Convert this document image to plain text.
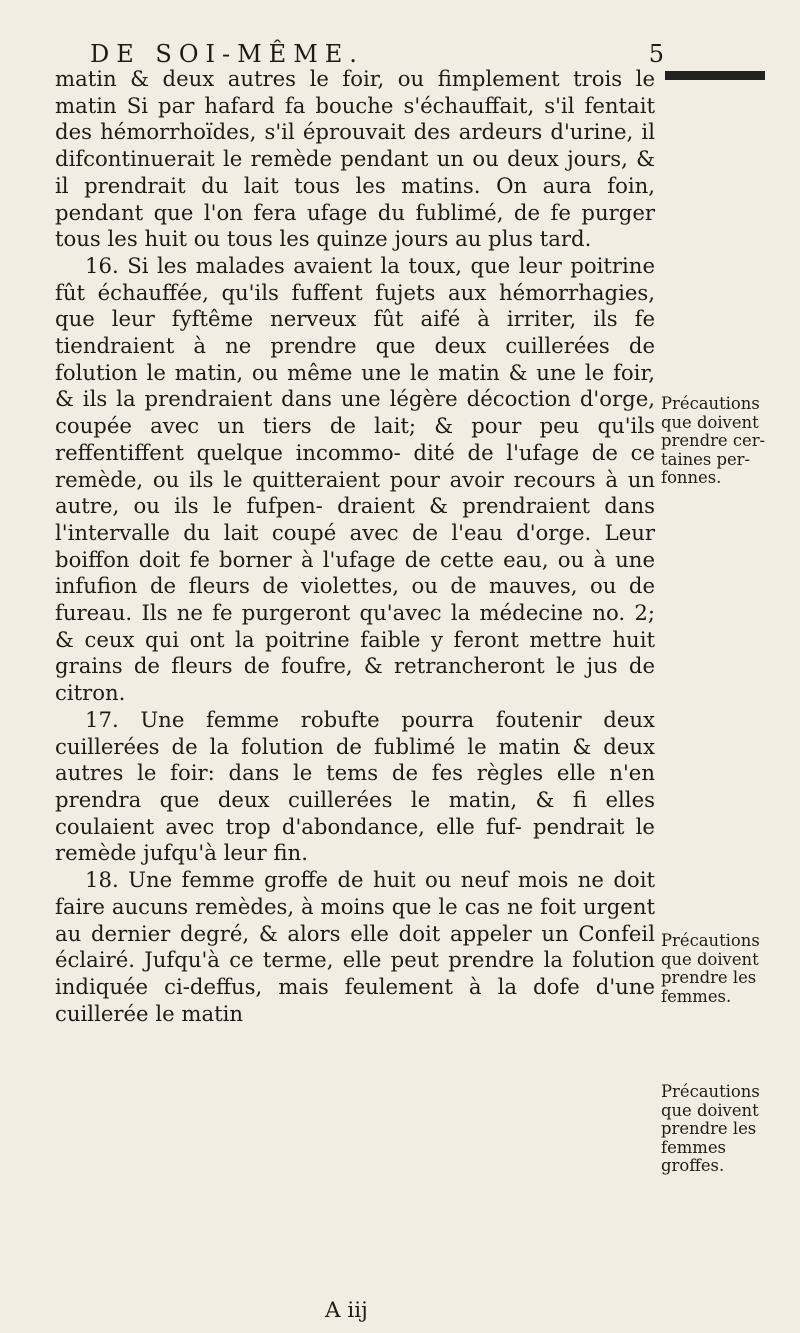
DE SOI-MÊME.	5

matin & deux autres le foir, ou fimplement trois le matin Si par hafard fa bouche s'échauffait, s'il fentait des hémorrhoïdes, s'il éprouvait des ardeurs d'urine, il difcontinuerait le remède pendant un ou deux jours, & il prendrait du lait tous les matins. On aura foin, pendant que l'on fera ufage du fublimé, de fe purger tous les huit ou tous les quinze jours au plus tard.

16. Si les malades avaient la toux, que leur poitrine fût échauffée, qu'ils fuffent fujets aux hémorrhagies, que leur fyftême nerveux fût aifé à irriter, ils fe tiendraient à ne prendre que deux cuillerées de folution le matin, ou même une le matin & une le foir, & ils la prendraient dans une légère décoction d'orge, coupée avec un tiers de lait; & pour peu qu'ils reffentiffent quelque incommo- dité de l'ufage de ce remède, ou ils le quitteraient pour avoir recours à un autre, ou ils le fufpen- draient & prendraient dans l'intervalle du lait coupé avec de l'eau d'orge. Leur boiffon doit fe borner à l'ufage de cette eau, ou à une infufion de fleurs de violettes, ou de mauves, ou de fureau. Ils ne fe purgeront qu'avec la médecine no. 2; & ceux qui ont la poitrine faible y feront mettre huit grains de fleurs de foufre, & retrancheront le jus de citron.

17. Une femme robufte pourra foutenir deux cuillerées de la folution de fublimé le matin & deux autres le foir: dans le tems de fes règles elle n'en prendra que deux cuillerées le matin, & fi elles coulaient avec trop d'abondance, elle fuf- pendrait le remède jufqu'à leur fin.

18. Une femme groffe de huit ou neuf mois ne doit faire aucuns remèdes, à moins que le cas ne foit urgent au dernier degré, & alors elle doit appeler un Confeil éclairé. Jufqu'à ce terme, elle peut prendre la folution indiquée ci-deffus, mais feulement à la dofe d'une cuillerée le matin

Précautions
que doivent
prendre cer-
taines per-
fonnes.
Précautions
que doivent
prendre les
femmes.
Précautions
que doivent
prendre les
femmes
groffes.
A iij
